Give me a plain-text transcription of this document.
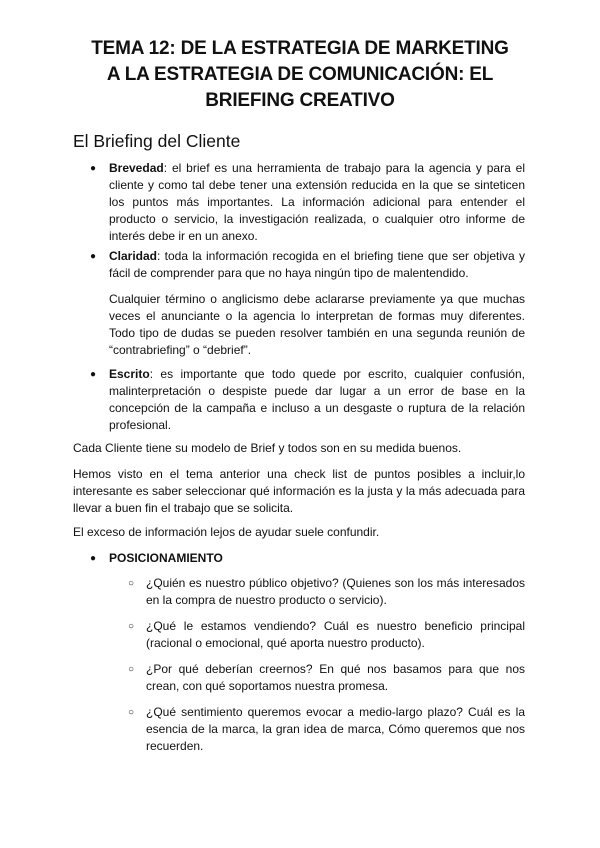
TEMA 12: DE LA ESTRATEGIA DE MARKETING
A LA ESTRATEGIA DE COMUNICACIÓN: EL
BRIEFING CREATIVO
El Briefing del Cliente
● Brevedad: el brief es una herramienta de trabajo para la agencia y para el cliente y como tal debe tener una extensión reducida en la que se sinteticen los puntos más importantes. La información adicional para entender el producto o servicio, la investigación realizada, o cualquier otro informe de interés debe ir en un anexo.
● Claridad: toda la información recogida en el briefing tiene que ser objetiva y fácil de comprender para que no haya ningún tipo de malentendido.
Cualquier término o anglicismo debe aclararse previamente ya que muchas veces el anunciante o la agencia lo interpretan de formas muy diferentes. Todo tipo de dudas se pueden resolver también en una segunda reunión de “contrabriefing” o “debrief”.
● Escrito: es importante que todo quede por escrito, cualquier confusión, malinterpretación o despiste puede dar lugar a un error de base en la concepción de la campaña e incluso a un desgaste o ruptura de la relación profesional.
Cada Cliente tiene su modelo de Brief y todos son en su medida buenos.
Hemos visto en el tema anterior una check list de puntos posibles a incluir,lo interesante es saber seleccionar qué información es la justa y la más adecuada para llevar a buen fin el trabajo que se solicita.
El exceso de información lejos de ayudar suele confundir.
● POSICIONAMIENTO
○ ¿Quién es nuestro público objetivo? (Quienes son los más interesados en la compra de nuestro producto o servicio).
○ ¿Qué le estamos vendiendo? Cuál es nuestro beneficio principal (racional o emocional, qué aporta nuestro producto).
○ ¿Por qué deberían creernos? En qué nos basamos para que nos crean, con qué soportamos nuestra promesa.
○ ¿Qué sentimiento queremos evocar a medio-largo plazo? Cuál es la esencia de la marca, la gran idea de marca, Cómo queremos que nos recuerden.
